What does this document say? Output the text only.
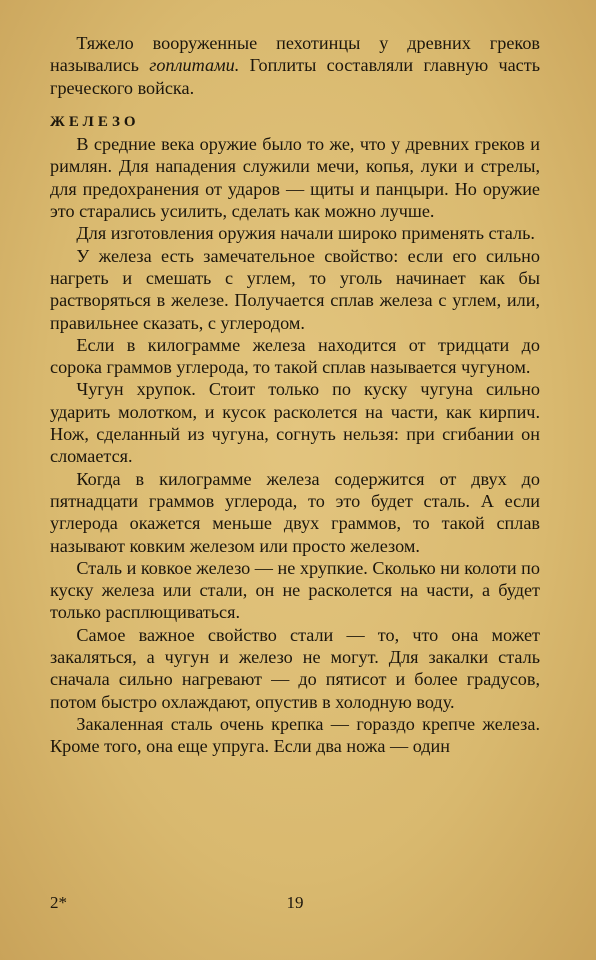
Тяжело вооруженные пехотинцы у древних греков назывались гоплитами. Гоплиты составляли главную часть греческого войска.

ЖЕЛЕЗО

В средние века оружие было то же, что у древних греков и римлян. Для нападения служили мечи, копья, луки и стрелы, для предохранения от ударов — щиты и панцыри. Но оружие это старались усилить, сделать как можно лучше.

Для изготовления оружия начали широко применять сталь.

У железа есть замечательное свойство: если его сильно нагреть и смешать с углем, то уголь начинает как бы растворяться в железе. Получается сплав железа с углем, или, правильнее сказать, с углеродом.

Если в килограмме железа находится от тридцати до сорока граммов углерода, то такой сплав называется чугуном.

Чугун хрупок. Стоит только по куску чугуна сильно ударить молотком, и кусок расколется на части, как кирпич. Нож, сделанный из чугуна, согнуть нельзя: при сгибании он сломается.

Когда в килограмме железа содержится от двух до пятнадцати граммов углерода, то это будет сталь. А если углерода окажется меньше двух граммов, то такой сплав называют ковким железом или просто железом.

Сталь и ковкое железо — не хрупкие. Сколько ни колоти по куску железа или стали, он не расколется на части, а будет только расплющиваться.

Самое важное свойство стали — то, что она может закаляться, а чугун и железо не могут. Для закалки сталь сначала сильно нагревают — до пятисот и более градусов, потом быстро охлаждают, опустив в холодную воду.

Закаленная сталь очень крепка — гораздо крепче железа. Кроме того, она еще упруга. Если два ножа — один

2*	19
